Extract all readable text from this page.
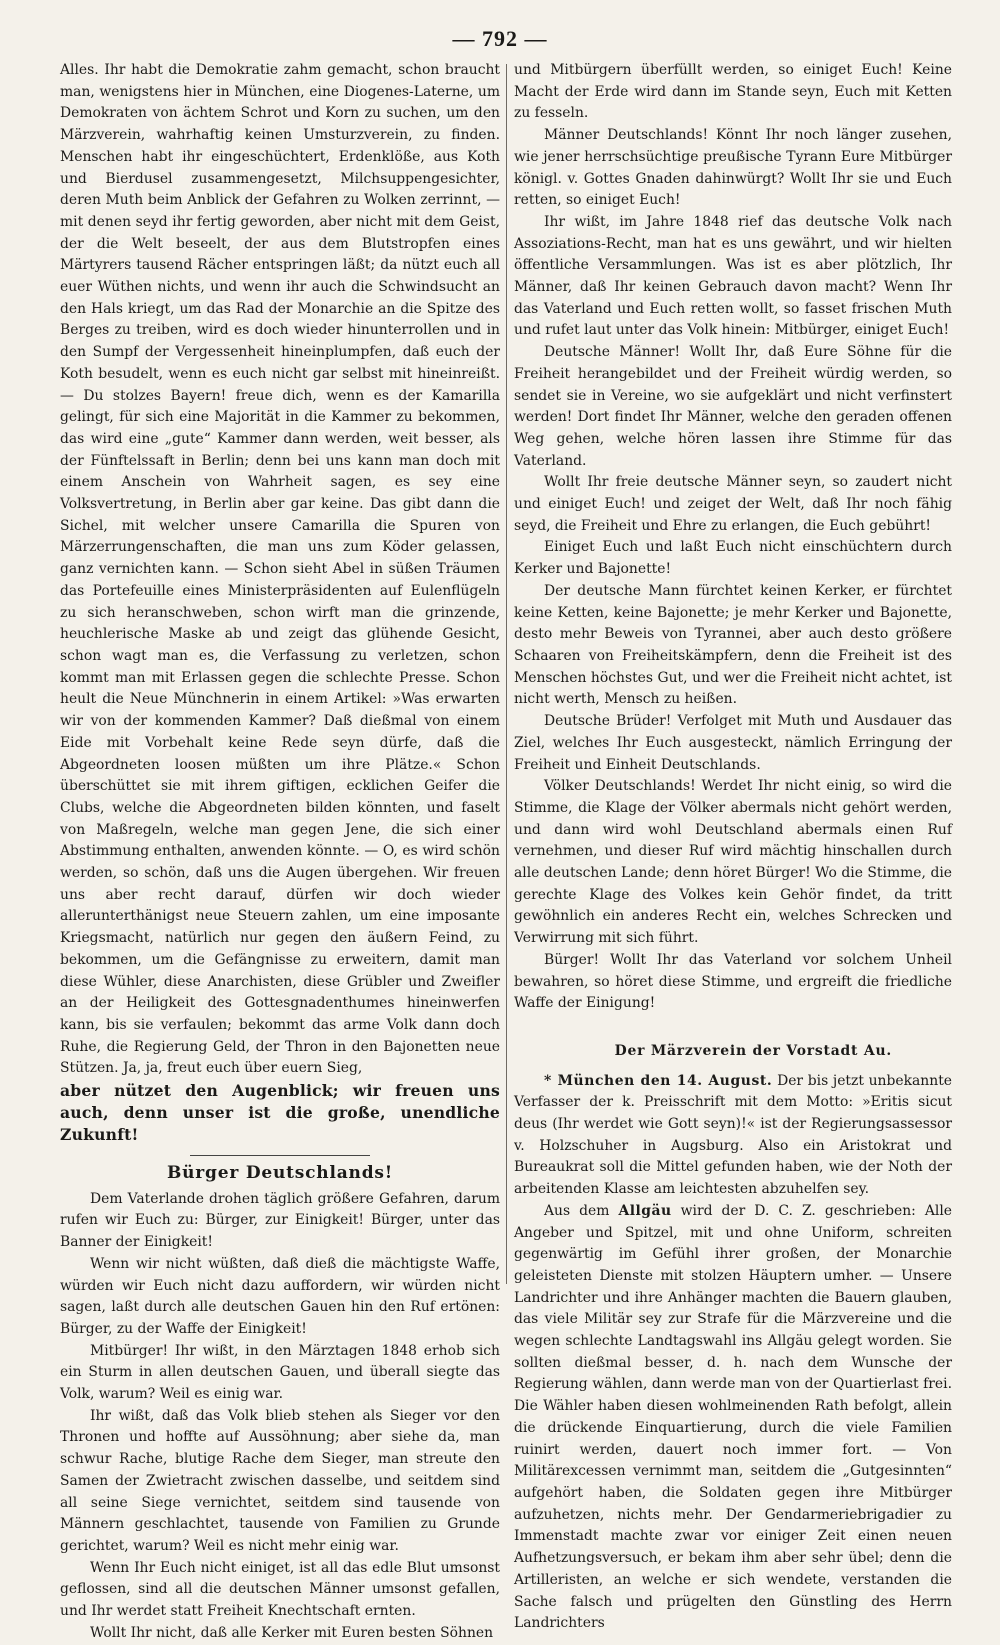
— 792 —

Alles. Ihr habt die Demokratie zahm gemacht, schon braucht man, wenigstens hier in München, eine Diogenes-Laterne, um Demokraten von ächtem Schrot und Korn zu suchen, um den Märzverein, wahrhaftig keinen Umsturzverein, zu finden. Menschen habt ihr eingeschüchtert, Erdenklöße, aus Koth und Bierdusel zusammengesetzt, Milchsuppengesichter, deren Muth beim Anblick der Gefahren zu Wolken zerrinnt, — mit denen seyd ihr fertig geworden, aber nicht mit dem Geist, der die Welt beseelt, der aus dem Blutstropfen eines Märtyrers tausend Rächer entspringen läßt; da nützt euch all euer Wüthen nichts, und wenn ihr auch die Schwindsucht an den Hals kriegt, um das Rad der Monarchie an die Spitze des Berges zu treiben, wird es doch wieder hinunterrollen und in den Sumpf der Vergessenheit hineinplumpfen, daß euch der Koth besudelt, wenn es euch nicht gar selbst mit hineinreißt. — Du stolzes Bayern! freue dich, wenn es der Kamarilla gelingt, für sich eine Majorität in die Kammer zu bekommen, das wird eine „gute“ Kammer dann werden, weit besser, als der Fünftelssaft in Berlin; denn bei uns kann man doch mit einem Anschein von Wahrheit sagen, es sey eine Volksvertretung, in Berlin aber gar keine. Das gibt dann die Sichel, mit welcher unsere Camarilla die Spuren von Märzerrungenschaften, die man uns zum Köder gelassen, ganz vernichten kann. — Schon sieht Abel in süßen Träumen das Portefeuille eines Ministerpräsidenten auf Eulenflügeln zu sich heranschweben, schon wirft man die grinzende, heuchlerische Maske ab und zeigt das glühende Gesicht, schon wagt man es, die Verfassung zu verletzen, schon kommt man mit Erlassen gegen die schlechte Presse. Schon heult die Neue Münchnerin in einem Artikel: »Was erwarten wir von der kommenden Kammer? Daß dießmal von einem Eide mit Vorbehalt keine Rede seyn dürfe, daß die Abgeordneten loosen müßten um ihre Plätze.« Schon überschüttet sie mit ihrem giftigen, ecklichen Geifer die Clubs, welche die Abgeordneten bilden könnten, und faselt von Maßregeln, welche man gegen Jene, die sich einer Abstimmung enthalten, anwenden könnte. — O, es wird schön werden, so schön, daß uns die Augen übergehen. Wir freuen uns aber recht darauf, dürfen wir doch wieder allerunterthänigst neue Steuern zahlen, um eine imposante Kriegsmacht, natürlich nur gegen den äußern Feind, zu bekommen, um die Gefängnisse zu erweitern, damit man diese Wühler, diese Anarchisten, diese Grübler und Zweifler an der Heiligkeit des Gottesgnadenthumes hineinwerfen kann, bis sie verfaulen; bekommt das arme Volk dann doch Ruhe, die Regierung Geld, der Thron in den Bajonetten neue Stützen. Ja, ja, freut euch über euern Sieg,

aber nützet den Augenblick; wir freuen uns auch, denn unser ist die große, unendliche Zukunft!

Bürger Deutschlands!

Dem Vaterlande drohen täglich größere Gefahren, darum rufen wir Euch zu: Bürger, zur Einigkeit! Bürger, unter das Banner der Einigkeit!

Wenn wir nicht wüßten, daß dieß die mächtigste Waffe, würden wir Euch nicht dazu auffordern, wir würden nicht sagen, laßt durch alle deutschen Gauen hin den Ruf ertönen: Bürger, zu der Waffe der Einigkeit!

Mitbürger! Ihr wißt, in den Märztagen 1848 erhob sich ein Sturm in allen deutschen Gauen, und überall siegte das Volk, warum? Weil es einig war.

Ihr wißt, daß das Volk blieb stehen als Sieger vor den Thronen und hoffte auf Aussöhnung; aber siehe da, man schwur Rache, blutige Rache dem Sieger, man streute den Samen der Zwietracht zwischen dasselbe, und seitdem sind all seine Siege vernichtet, seitdem sind tausende von Männern geschlachtet, tausende von Familien zu Grunde gerichtet, warum? Weil es nicht mehr einig war.

Wenn Ihr Euch nicht einiget, ist all das edle Blut umsonst geflossen, sind all die deutschen Männer umsonst gefallen, und Ihr werdet statt Freiheit Knechtschaft ernten.

Wollt Ihr nicht, daß alle Kerker mit Euren besten Söhnen

und Mitbürgern überfüllt werden, so einiget Euch! Keine Macht der Erde wird dann im Stande seyn, Euch mit Ketten zu fesseln.

Männer Deutschlands! Könnt Ihr noch länger zusehen, wie jener herrschsüchtige preußische Tyrann Eure Mitbürger königl. v. Gottes Gnaden dahinwürgt? Wollt Ihr sie und Euch retten, so einiget Euch!

Ihr wißt, im Jahre 1848 rief das deutsche Volk nach Assoziations-Recht, man hat es uns gewährt, und wir hielten öffentliche Versammlungen. Was ist es aber plötzlich, Ihr Männer, daß Ihr keinen Gebrauch davon macht? Wenn Ihr das Vaterland und Euch retten wollt, so fasset frischen Muth und rufet laut unter das Volk hinein: Mitbürger, einiget Euch!

Deutsche Männer! Wollt Ihr, daß Eure Söhne für die Freiheit herangebildet und der Freiheit würdig werden, so sendet sie in Vereine, wo sie aufgeklärt und nicht verfinstert werden! Dort findet Ihr Männer, welche den geraden offenen Weg gehen, welche hören lassen ihre Stimme für das Vaterland.

Wollt Ihr freie deutsche Männer seyn, so zaudert nicht und einiget Euch! und zeiget der Welt, daß Ihr noch fähig seyd, die Freiheit und Ehre zu erlangen, die Euch gebührt!

Einiget Euch und laßt Euch nicht einschüchtern durch Kerker und Bajonette!

Der deutsche Mann fürchtet keinen Kerker, er fürchtet keine Ketten, keine Bajonette; je mehr Kerker und Bajonette, desto mehr Beweis von Tyrannei, aber auch desto größere Schaaren von Freiheitskämpfern, denn die Freiheit ist des Menschen höchstes Gut, und wer die Freiheit nicht achtet, ist nicht werth, Mensch zu heißen.

Deutsche Brüder! Verfolget mit Muth und Ausdauer das Ziel, welches Ihr Euch ausgesteckt, nämlich Erringung der Freiheit und Einheit Deutschlands.

Völker Deutschlands! Werdet Ihr nicht einig, so wird die Stimme, die Klage der Völker abermals nicht gehört werden, und dann wird wohl Deutschland abermals einen Ruf vernehmen, und dieser Ruf wird mächtig hinschallen durch alle deutschen Lande; denn höret Bürger! Wo die Stimme, die gerechte Klage des Volkes kein Gehör findet, da tritt gewöhnlich ein anderes Recht ein, welches Schrecken und Verwirrung mit sich führt.

Bürger! Wollt Ihr das Vaterland vor solchem Unheil bewahren, so höret diese Stimme, und ergreift die friedliche Waffe der Einigung!

Der Märzverein der Vorstadt Au.

* München den 14. August. Der bis jetzt unbekannte Verfasser der k. Preisschrift mit dem Motto: »Eritis sicut deus (Ihr werdet wie Gott seyn)!« ist der Regierungsassessor v. Holzschuher in Augsburg. Also ein Aristokrat und Bureaukrat soll die Mittel gefunden haben, wie der Noth der arbeitenden Klasse am leichtesten abzuhelfen sey.

Aus dem Allgäu wird der D. C. Z. geschrieben: Alle Angeber und Spitzel, mit und ohne Uniform, schreiten gegenwärtig im Gefühl ihrer großen, der Monarchie geleisteten Dienste mit stolzen Häuptern umher. — Unsere Landrichter und ihre Anhänger machten die Bauern glauben, das viele Militär sey zur Strafe für die Märzvereine und die wegen schlechte Landtagswahl ins Allgäu gelegt worden. Sie sollten dießmal besser, d. h. nach dem Wunsche der Regierung wählen, dann werde man von der Quartierlast frei. Die Wähler haben diesen wohlmeinenden Rath befolgt, allein die drückende Einquartierung, durch die viele Familien ruinirt werden, dauert noch immer fort. — Von Militärexcessen vernimmt man, seitdem die „Gutgesinnten“ aufgehört haben, die Soldaten gegen ihre Mitbürger aufzuhetzen, nichts mehr. Der Gendarmeriebrigadier zu Immenstadt machte zwar vor einiger Zeit einen neuen Aufhetzungsversuch, er bekam ihm aber sehr übel; denn die Artilleristen, an welche er sich wendete, verstanden die Sache falsch und prügelten den Günstling des Herrn Landrichters
